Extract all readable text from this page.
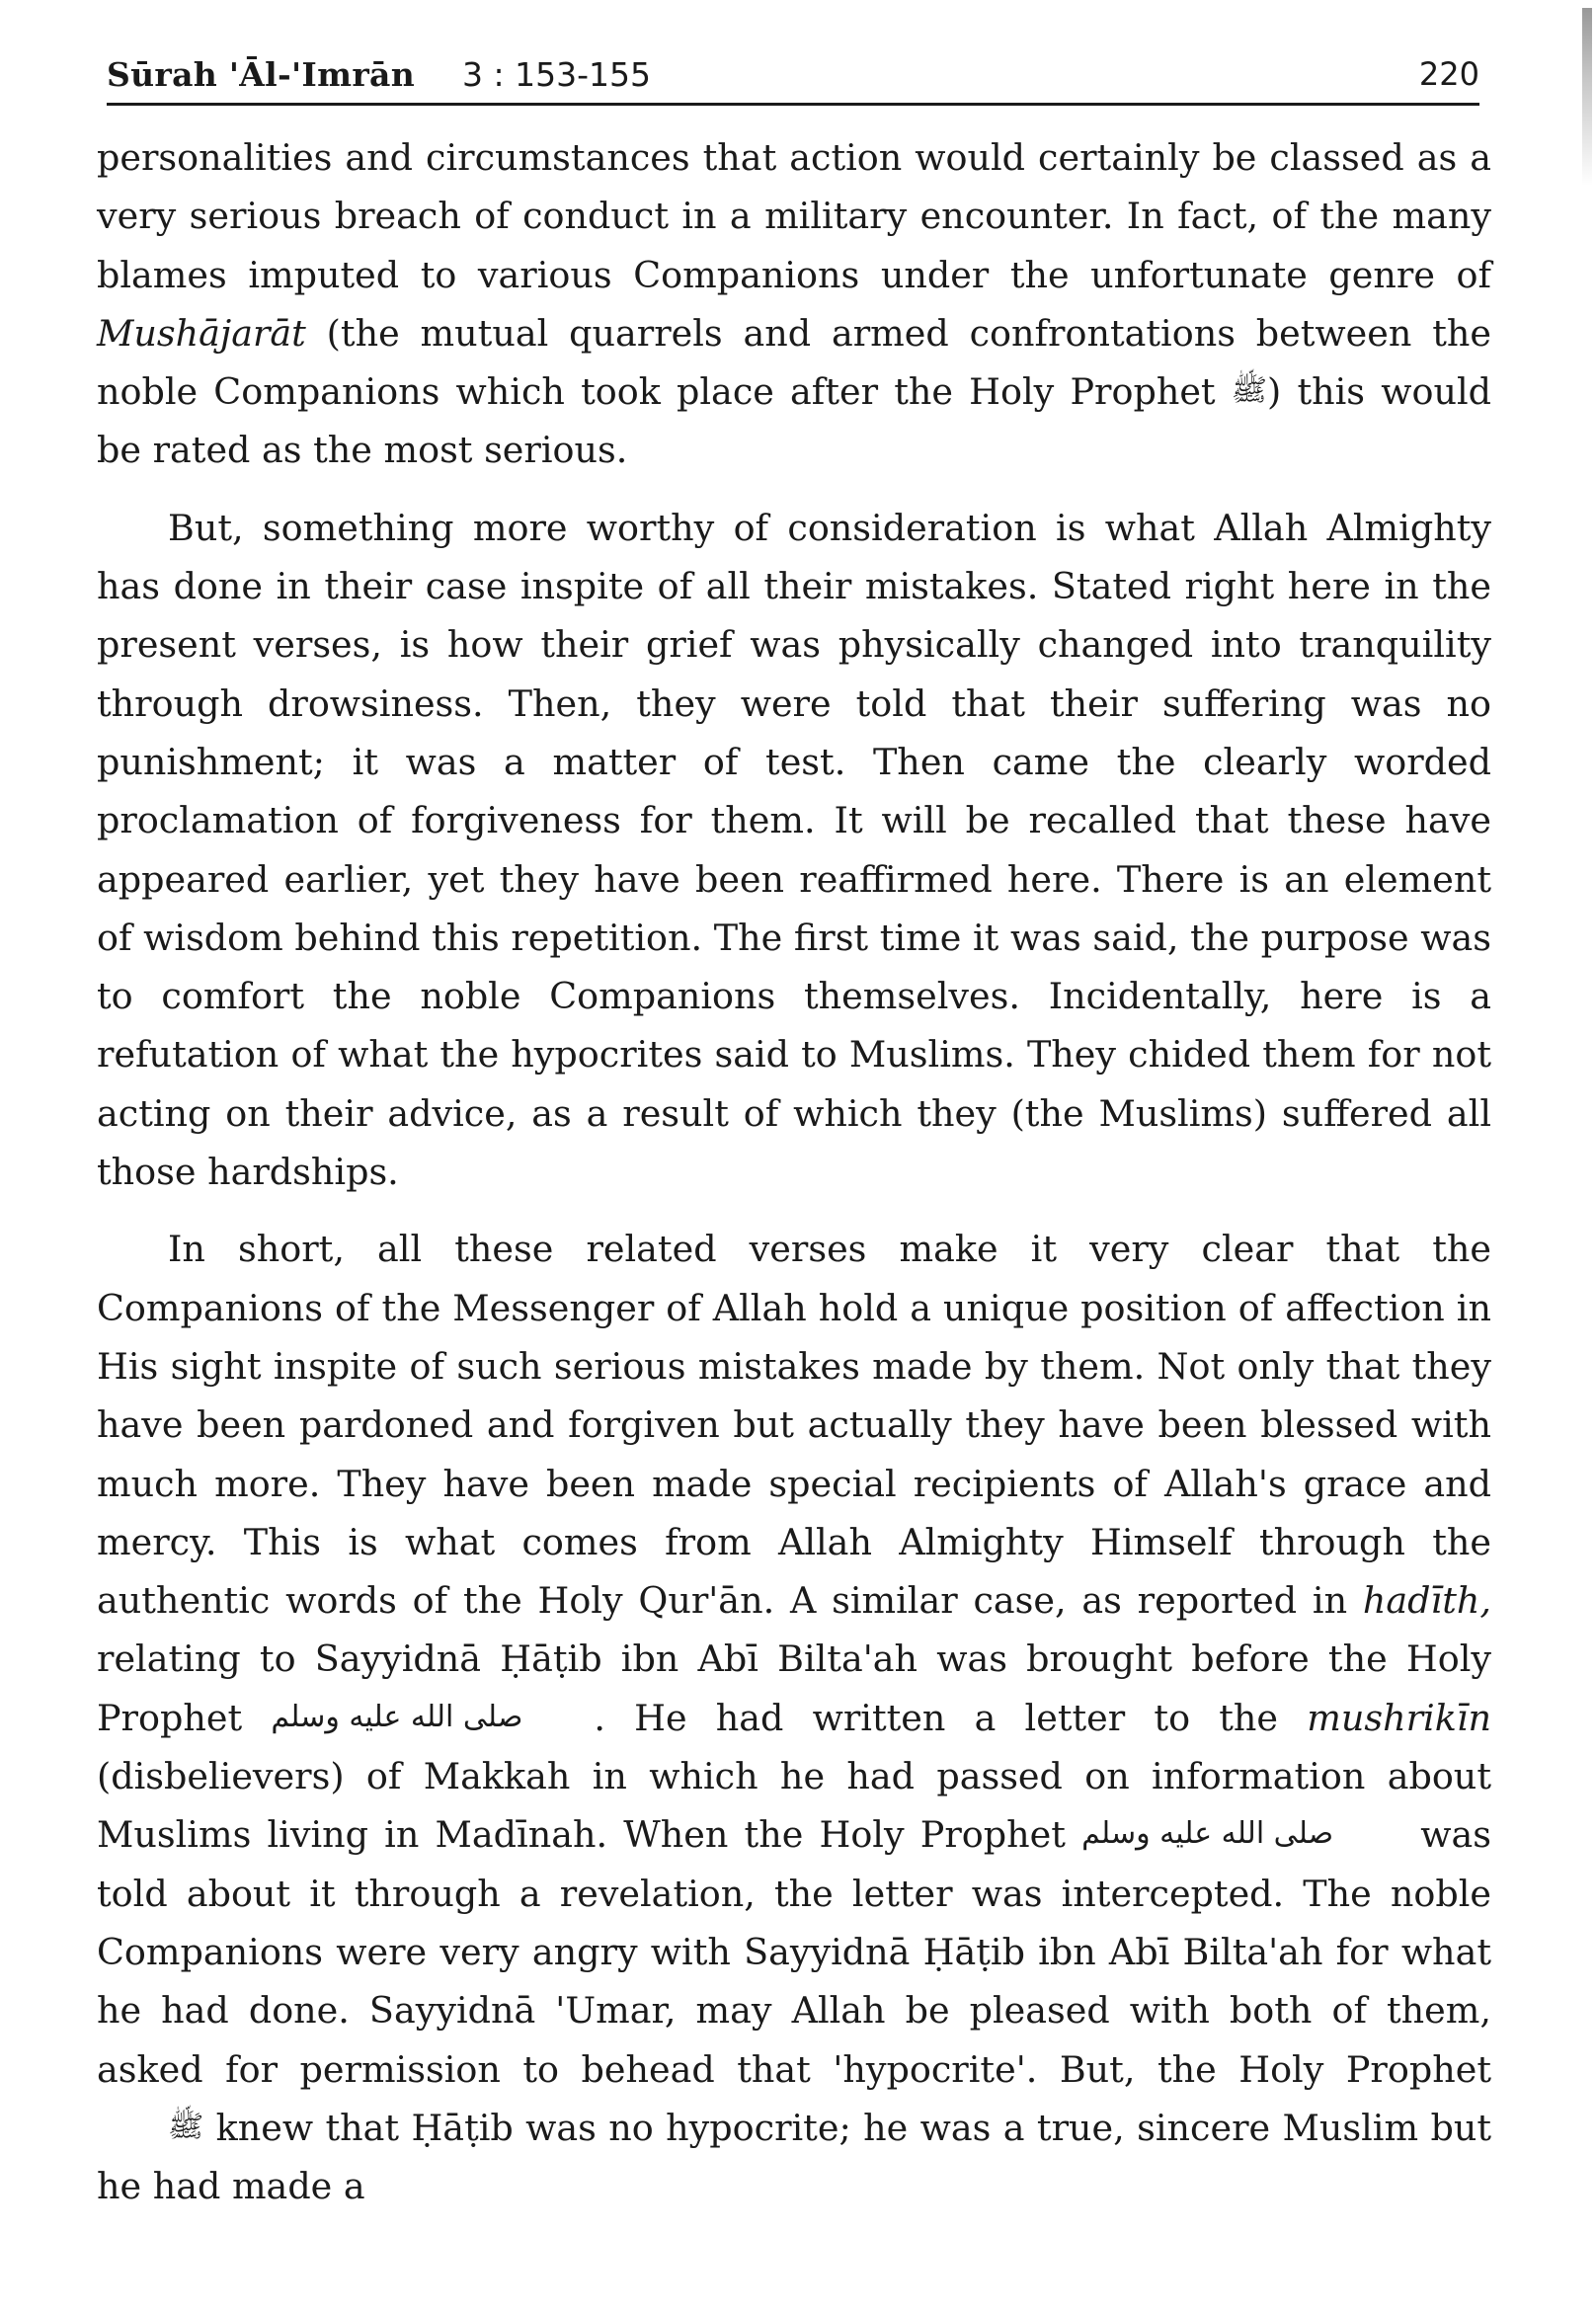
Sūrah 'Āl-'Imrān 3 : 153-155	220

personalities and circumstances that action would certainly be classed as a very serious breach of conduct in a military encounter. In fact, of the many blames imputed to various Companions under the unfortunate genre of Mushājarāt (the mutual quarrels and armed confrontations between the noble Companions which took place after the Holy Prophet ﷺ) this would be rated as the most serious.

But, something more worthy of consideration is what Allah Almighty has done in their case inspite of all their mistakes. Stated right here in the present verses, is how their grief was physically changed into tranquility through drowsiness. Then, they were told that their suffering was no punishment; it was a matter of test. Then came the clearly worded proclamation of forgiveness for them. It will be recalled that these have appeared earlier, yet they have been reaffirmed here. There is an element of wisdom behind this repetition. The first time it was said, the purpose was to comfort the noble Companions themselves. Incidentally, here is a refutation of what the hypocrites said to Muslims. They chided them for not acting on their advice, as a result of which they (the Muslims) suffered all those hardships.

In short, all these related verses make it very clear that the Companions of the Messenger of Allah hold a unique position of affection in His sight inspite of such serious mistakes made by them. Not only that they have been pardoned and forgiven but actually they have been blessed with much more. They have been made special recipients of Allah's grace and mercy. This is what comes from Allah Almighty Himself through the authentic words of the Holy Qur'ān. A similar case, as reported in hadīth, relating to Sayyidnā Ḥāṭib ibn Abī Bilta'ah was brought before the Holy Prophet صلى الله عليه وسلم . He had written a letter to the mushrikīn (disbelievers) of Makkah in which he had passed on information about Muslims living in Madīnah. When the Holy Prophet صلى الله عليه وسلم was told about it through a revelation, the letter was intercepted. The noble Companions were very angry with Sayyidnā Ḥāṭib ibn Abī Bilta'ah for what he had done. Sayyidnā 'Umar, may Allah be pleased with both of them, asked for permission to behead that 'hypocrite'. But, the Holy Prophet ﷺ knew that Ḥāṭib was no hypocrite; he was a true, sincere Muslim but he had made a
